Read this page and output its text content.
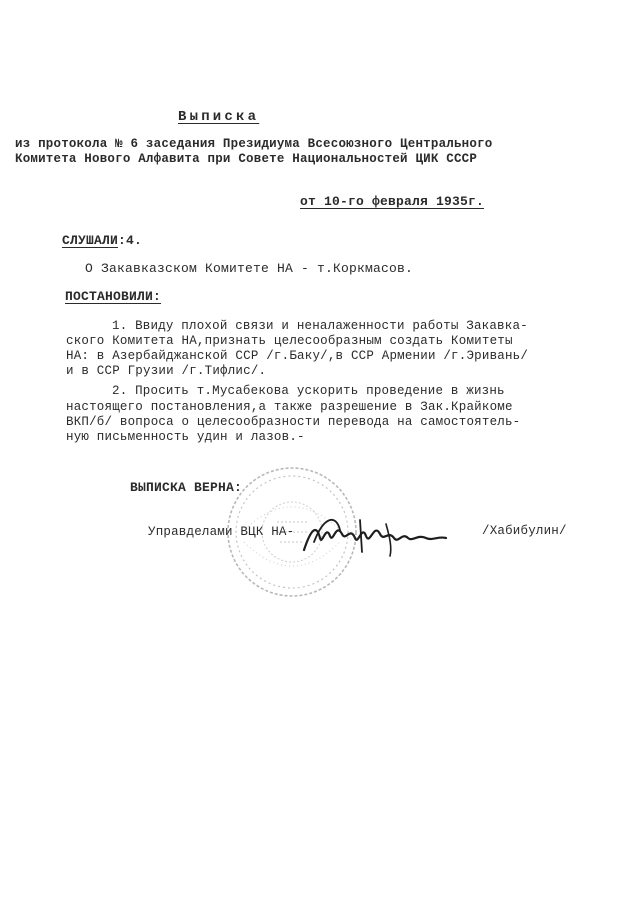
Выписка
из протокола № 6 заседания Президиума Всесоюзного Центрального
Комитета Нового Алфавита при Совете Национальностей ЦИК СССР
от 10-го февраля 1935г.
СЛУШАЛИ:4.
О Закавказском Комитете НА - т.Коркмасов.
ПОСТАНОВИЛИ:
1. Ввиду плохой связи и неналаженности работы Закавка-
ского Комитета НА,признать целесообразным создать Комитеты
НА: в Азербайджанской ССР /г.Баку/,в ССР Армении /г.Эривань/
и в ССР Грузии /г.Тифлис/.
2. Просить т.Мусабекова ускорить проведение в жизнь
настоящего постановления,а также разрешение в Зак.Крайкоме
ВКП/б/ вопроса о целесообразности перевода на самостоятель-
ную письменность удин и лазов.-
ВЫПИСКА ВЕРНА:
Управделами ВЦК НА-	/Хабибулин/
